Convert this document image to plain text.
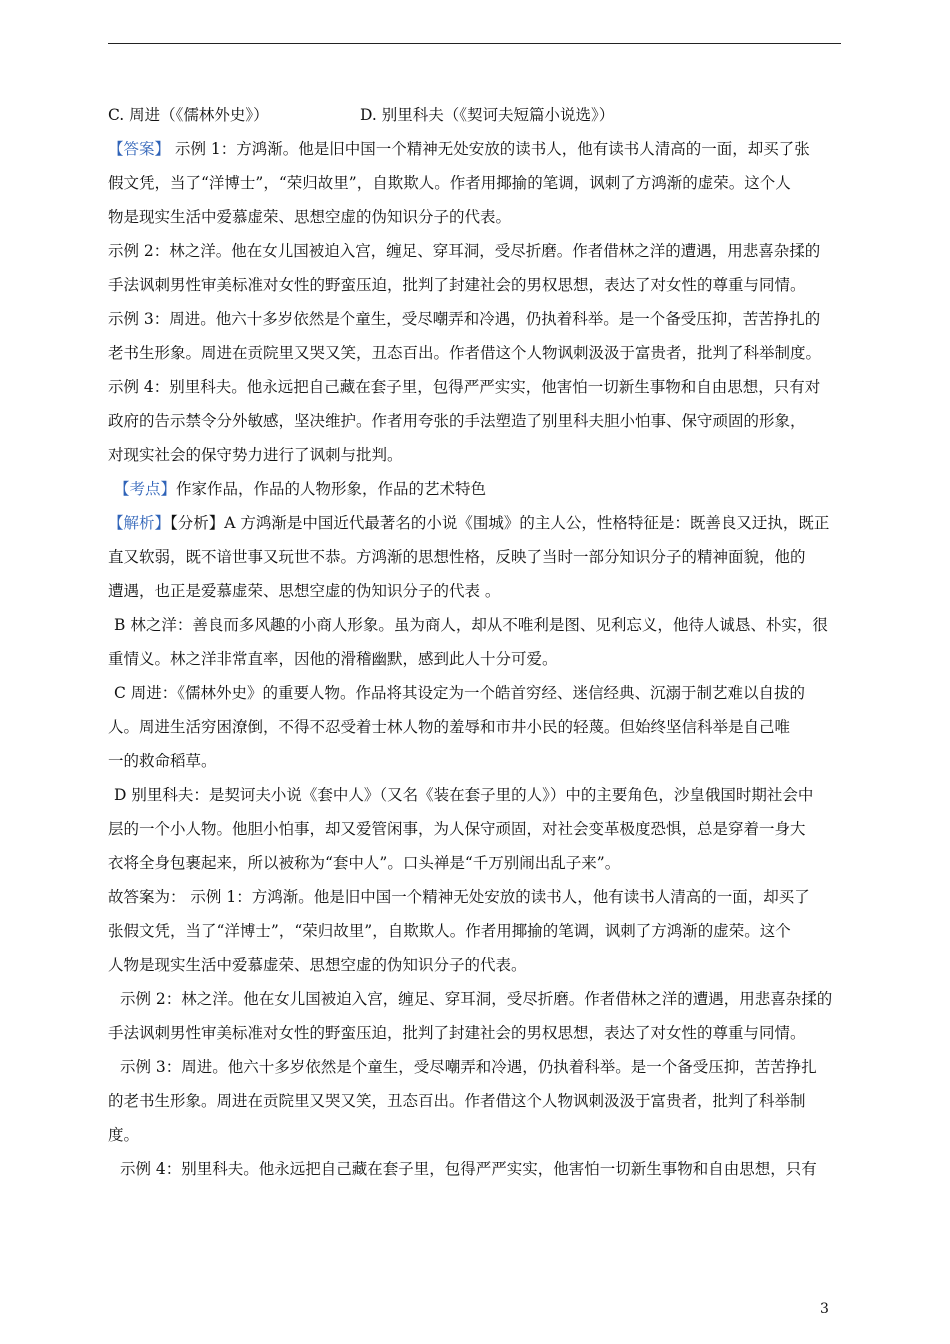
C. 周进（《儒林外史》）	D. 别里科夫（《契诃夫短篇小说选》）
【答案】 示例 1：方鸿渐。他是旧中国一个精神无处安放的读书人，他有读书人清高的一面，却买了张
假文凭，当了“洋博士”，“荣归故里”，自欺欺人。作者用揶揄的笔调，讽刺了方鸿渐的虚荣。这个人
物是现实生活中爱慕虚荣、思想空虚的伪知识分子的代表。
示例 2：林之洋。他在女儿国被迫入宫，缠足、穿耳洞，受尽折磨。作者借林之洋的遭遇，用悲喜杂揉的
手法讽刺男性审美标准对女性的野蛮压迫，批判了封建社会的男权思想，表达了对女性的尊重与同情。
示例 3：周进。他六十多岁依然是个童生，受尽嘲弄和冷遇，仍执着科举。是一个备受压抑，苦苦挣扎的
老书生形象。周进在贡院里又哭又笑，丑态百出。作者借这个人物讽刺汲汲于富贵者，批判了科举制度。
示例 4：别里科夫。他永远把自己藏在套子里，包得严严实实，他害怕一切新生事物和自由思想，只有对
政府的告示禁令分外敏感，坚决维护。作者用夸张的手法塑造了别里科夫胆小怕事、保守顽固的形象，
对现实社会的保守势力进行了讽刺与批判。
【考点】作家作品，作品的人物形象，作品的艺术特色
【解析】【分析】A 方鸿渐是中国近代最著名的小说《围城》的主人公，性格特征是：既善良又迂执，既正
直又软弱，既不谙世事又玩世不恭。方鸿渐的思想性格，反映了当时一部分知识分子的精神面貌，他的
遭遇，也正是爱慕虚荣、思想空虚的伪知识分子的代表 。
B 林之洋：善良而多风趣的小商人形象。虽为商人，却从不唯利是图、见利忘义，他待人诚恳、朴实，很
重情义。林之洋非常直率，因他的滑稽幽默，感到此人十分可爱。
C 周进：《儒林外史》的重要人物。作品将其设定为一个皓首穷经、迷信经典、沉溺于制艺难以自拔的
人。周进生活穷困潦倒，不得不忍受着士林人物的羞辱和市井小民的轻蔑。但始终坚信科举是自己唯
一的救命稻草。
D 别里科夫：是契诃夫小说《套中人》（又名《装在套子里的人》）中的主要角色，沙皇俄国时期社会中
层的一个小人物。他胆小怕事，却又爱管闲事，为人保守顽固，对社会变革极度恐惧，总是穿着一身大
衣将全身包裹起来，所以被称为“套中人”。口头禅是“千万别闹出乱子来”。
故答案为： 示例 1：方鸿渐。他是旧中国一个精神无处安放的读书人，他有读书人清高的一面，却买了
张假文凭，当了“洋博士”，“荣归故里”，自欺欺人。作者用揶揄的笔调，讽刺了方鸿渐的虚荣。这个
人物是现实生活中爱慕虚荣、思想空虚的伪知识分子的代表。
示例 2：林之洋。他在女儿国被迫入宫，缠足、穿耳洞，受尽折磨。作者借林之洋的遭遇，用悲喜杂揉的
手法讽刺男性审美标准对女性的野蛮压迫，批判了封建社会的男权思想，表达了对女性的尊重与同情。
示例 3：周进。他六十多岁依然是个童生，受尽嘲弄和冷遇，仍执着科举。是一个备受压抑，苦苦挣扎
的老书生形象。周进在贡院里又哭又笑，丑态百出。作者借这个人物讽刺汲汲于富贵者，批判了科举制
度。
示例 4：别里科夫。他永远把自己藏在套子里，包得严严实实，他害怕一切新生事物和自由思想，只有
3
